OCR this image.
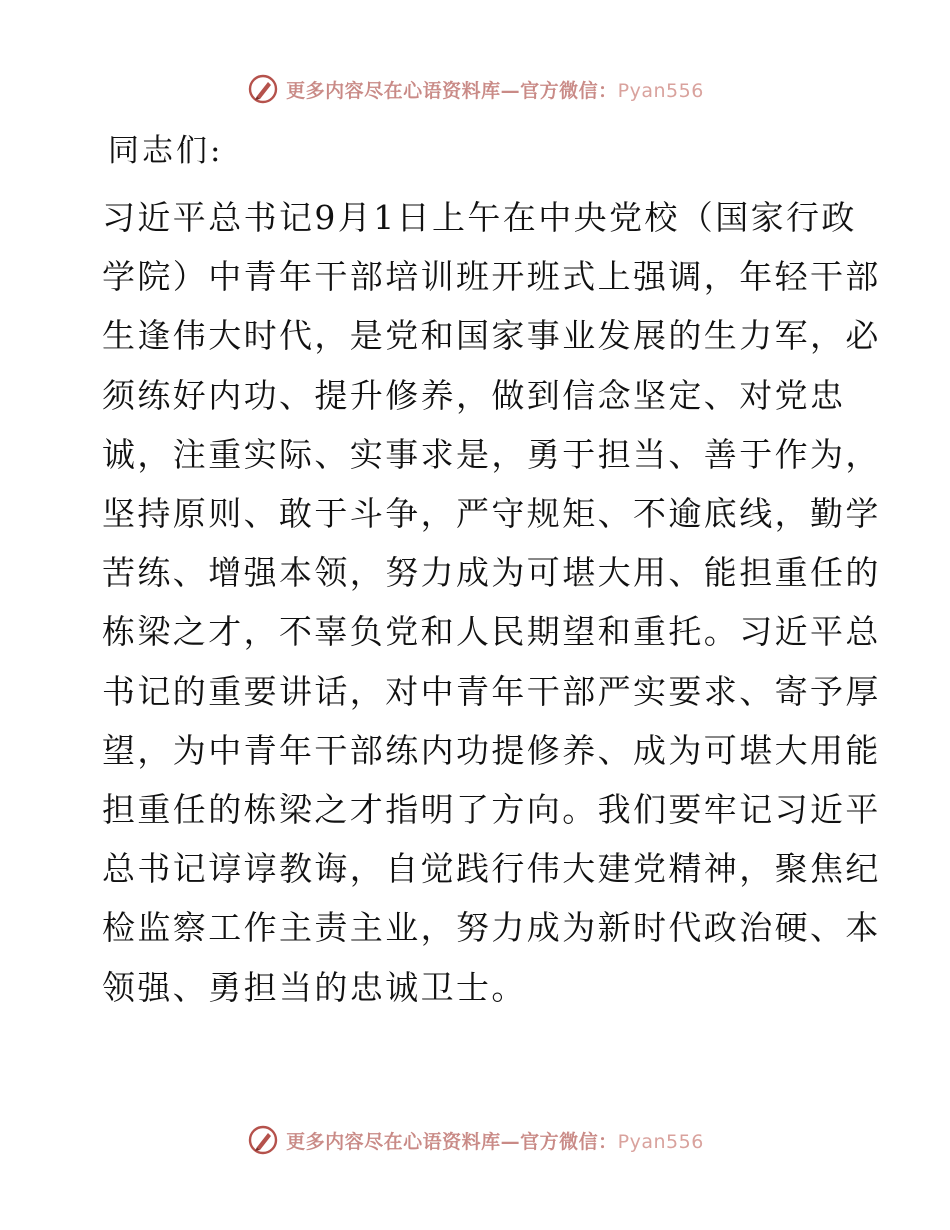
更多内容尽在心语资料库—官方微信：Pyan556
同志们:
习近平总书记9月1日上午在中央党校（国家行政
学院）中青年干部培训班开班式上强调，年轻干部
生逢伟大时代，是党和国家事业发展的生力军，必
须练好内功、提升修养，做到信念坚定、对党忠
诚，注重实际、实事求是，勇于担当、善于作为，
坚持原则、敢于斗争，严守规矩、不逾底线，勤学
苦练、增强本领，努力成为可堪大用、能担重任的
栋梁之才，不辜负党和人民期望和重托。习近平总
书记的重要讲话，对中青年干部严实要求、寄予厚
望，为中青年干部练内功提修养、成为可堪大用能
担重任的栋梁之才指明了方向。我们要牢记习近平
总书记谆谆教诲，自觉践行伟大建党精神，聚焦纪
检监察工作主责主业，努力成为新时代政治硬、本
领强、勇担当的忠诚卫士。
更多内容尽在心语资料库—官方微信：Pyan556
